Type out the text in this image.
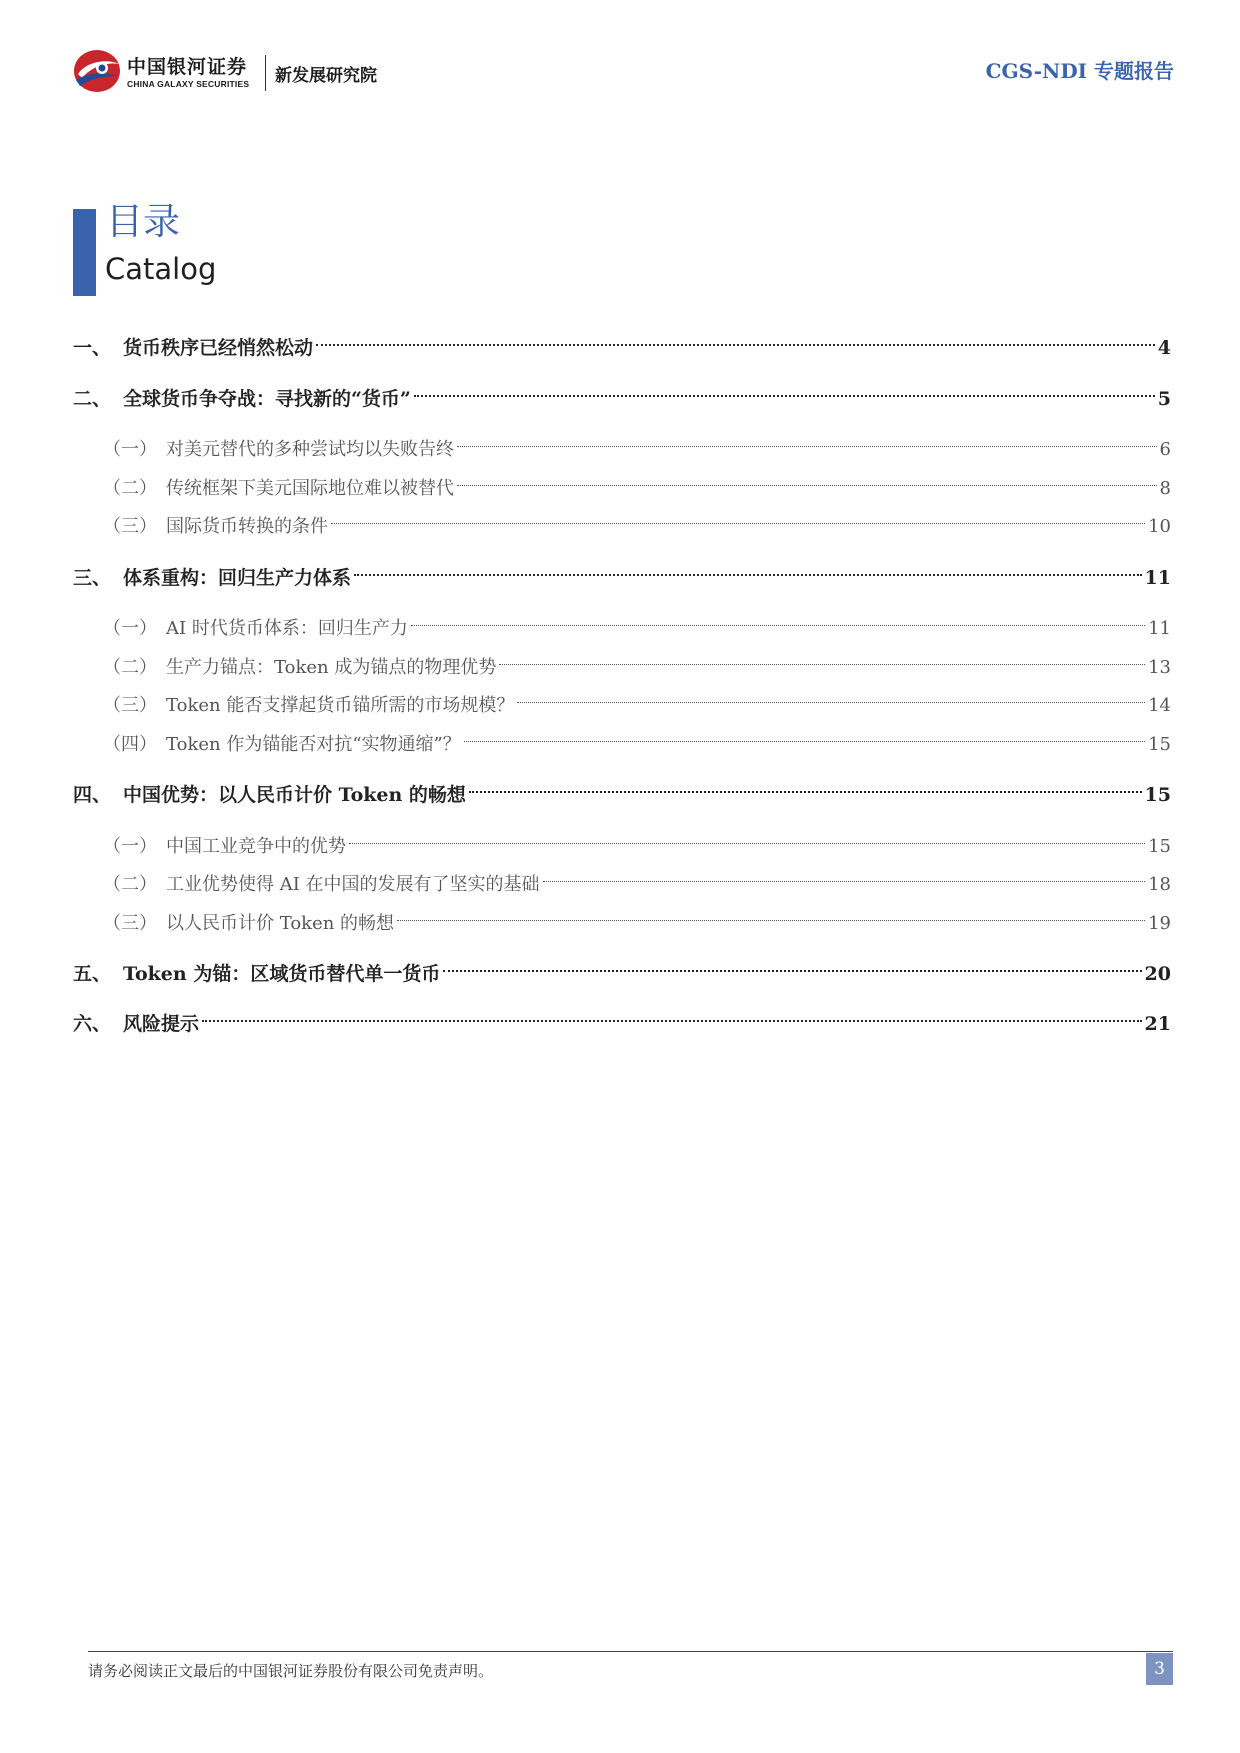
中国银河证券
CHINA GALAXY SECURITIES 新发展研究院	CGS-NDI 专题报告
目录
Catalog
一、 货币秩序已经悄然松动	4
二、 全球货币争夺战：寻找新的“货币”	5
（一） 对美元替代的多种尝试均以失败告终	6
（二） 传统框架下美元国际地位难以被替代	8
（三） 国际货币转换的条件	10
三、 体系重构：回归生产力体系	11
（一） AI 时代货币体系：回归生产力	11
（二） 生产力锚点：Token 成为锚点的物理优势	13
（三） Token 能否支撑起货币锚所需的市场规模？	14
（四） Token 作为锚能否对抗“实物通缩”？	15
四、 中国优势：以人民币计价 Token 的畅想	15
（一） 中国工业竞争中的优势	15
（二） 工业优势使得 AI 在中国的发展有了坚实的基础	18
（三） 以人民币计价 Token 的畅想	19
五、 Token 为锚：区域货币替代单一货币	20
六、 风险提示	21
请务必阅读正文最后的中国银河证券股份有限公司免责声明。	3
